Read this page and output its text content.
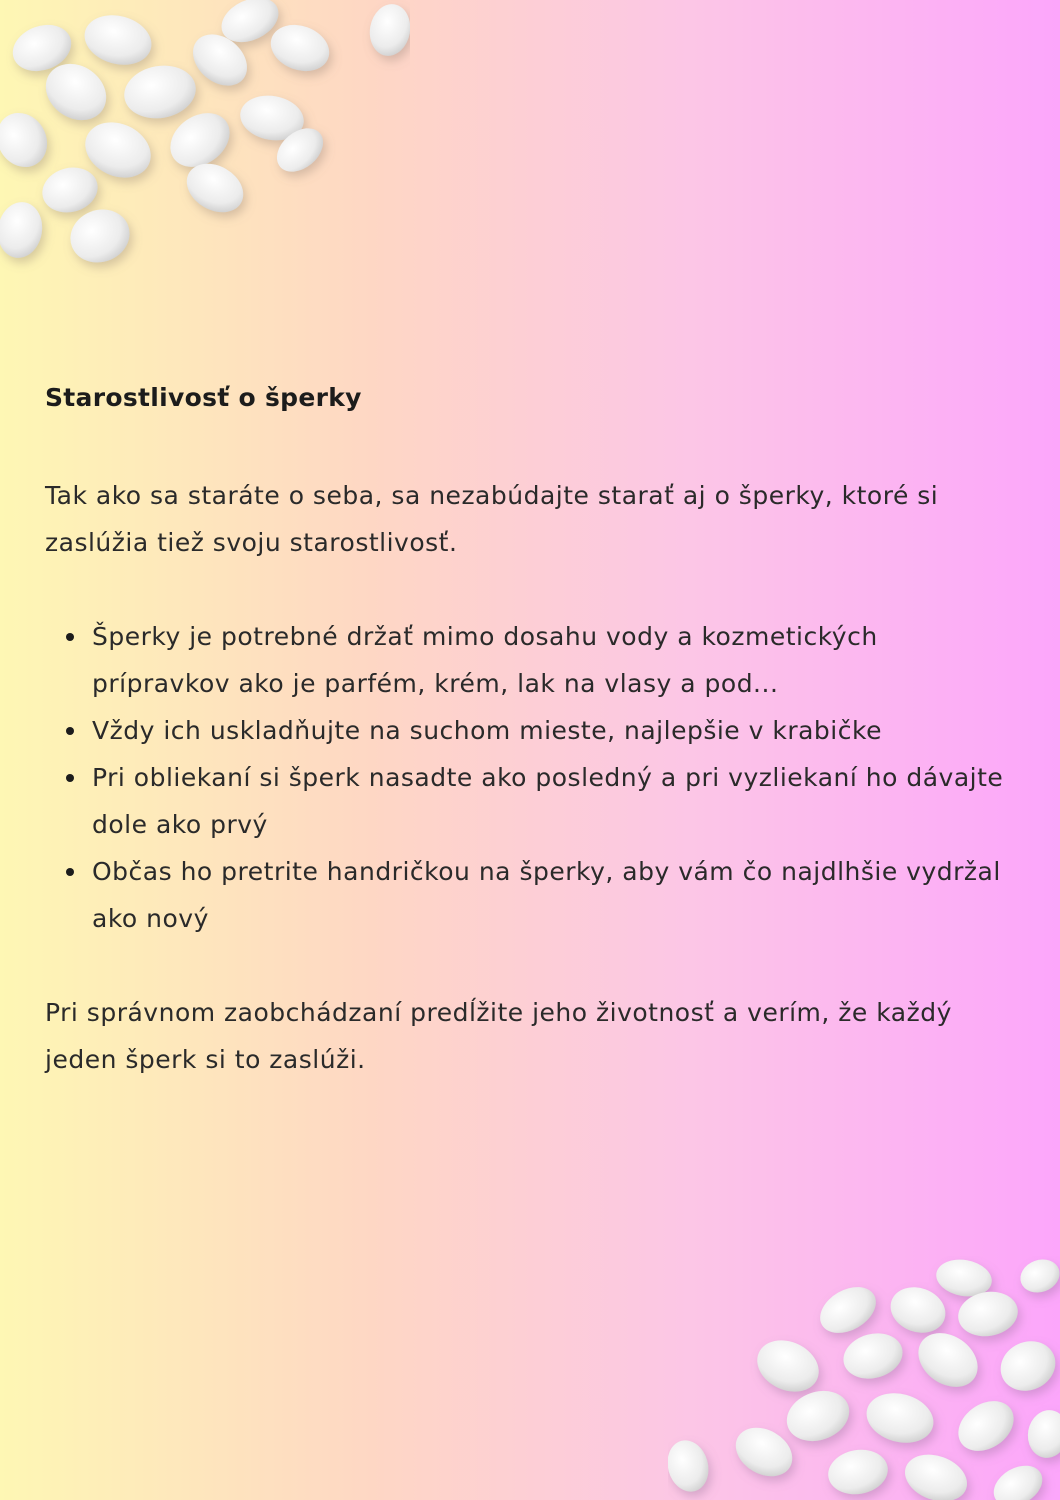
Starostlivosť o šperky

Tak ako sa staráte o seba, sa nezabúdajte starať aj o šperky, ktoré si zaslúžia tiež svoju starostlivosť.

Šperky je potrebné držať mimo dosahu vody a kozmetických prípravkov ako je parfém, krém, lak na vlasy a pod...
Vždy ich uskladňujte na suchom mieste, najlepšie v krabičke
Pri obliekaní si šperk nasadte ako posledný a pri vyzliekaní ho dávajte dole ako prvý
Občas ho pretrite handričkou na šperky, aby vám čo najdlhšie vydržal ako nový

Pri správnom zaobchádzaní predĺžite jeho životnosť a verím, že každý jeden šperk si to zaslúži.
